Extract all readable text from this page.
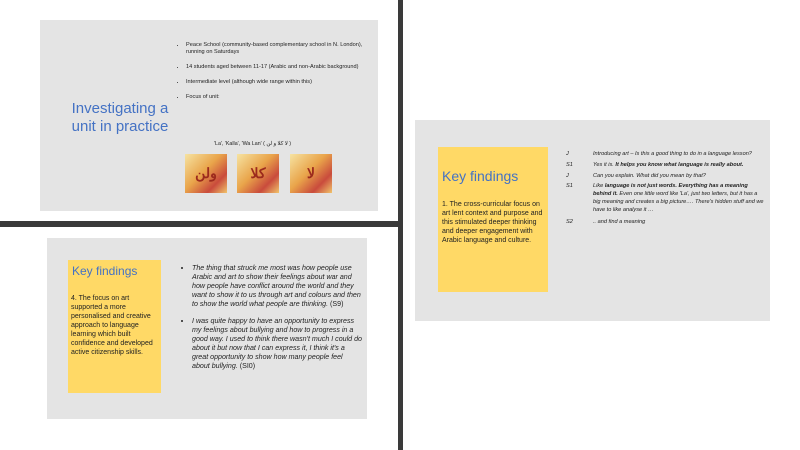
Investigating a unit in practice
• Peace School (community-based complementary school in N. London), running on Saturdays
• 14 students aged between 11-17 (Arabic and non-Arabic background)
• Intermediate level (although wide range within this)
• Focus of unit:
'La', 'Kalla', 'Wa Lan' ( لا كلا و لن )
ولن	كلا	لا
Key findings
4. The focus on art supported a more personalised and creative approach to language learning which built confidence and developed active citizenship skills.
• The thing that struck me most was how people use Arabic and art to show their feelings about war and how people have conflict around the world and they want to show it to us through art and colours and then to show the world what people are thinking. (S9)
• I was quite happy to have an opportunity to express my feelings about bullying and how to progress in a good way. I used to think there wasn't much I could do about it but now that I can express it, I think it's a great opportunity to show how many people feel about bullying. (SI0)
Key findings
1. The cross-curricular focus on art lent context and purpose and this stimulated deeper thinking and deeper engagement with Arabic language and culture.
J	Introducing art – Is this a good thing to do in a language lesson?
S1	Yes it is. It helps you know what language is really about.
J	Can you explain. What did you mean by that?
S1	Like language is not just words. Everything has a meaning behind it. Even one little word like 'La', just two letters, but it has a big meaning and creates a big picture…. There's hidden stuff and we have to like analyse it …
S2	.. and find a meaning
